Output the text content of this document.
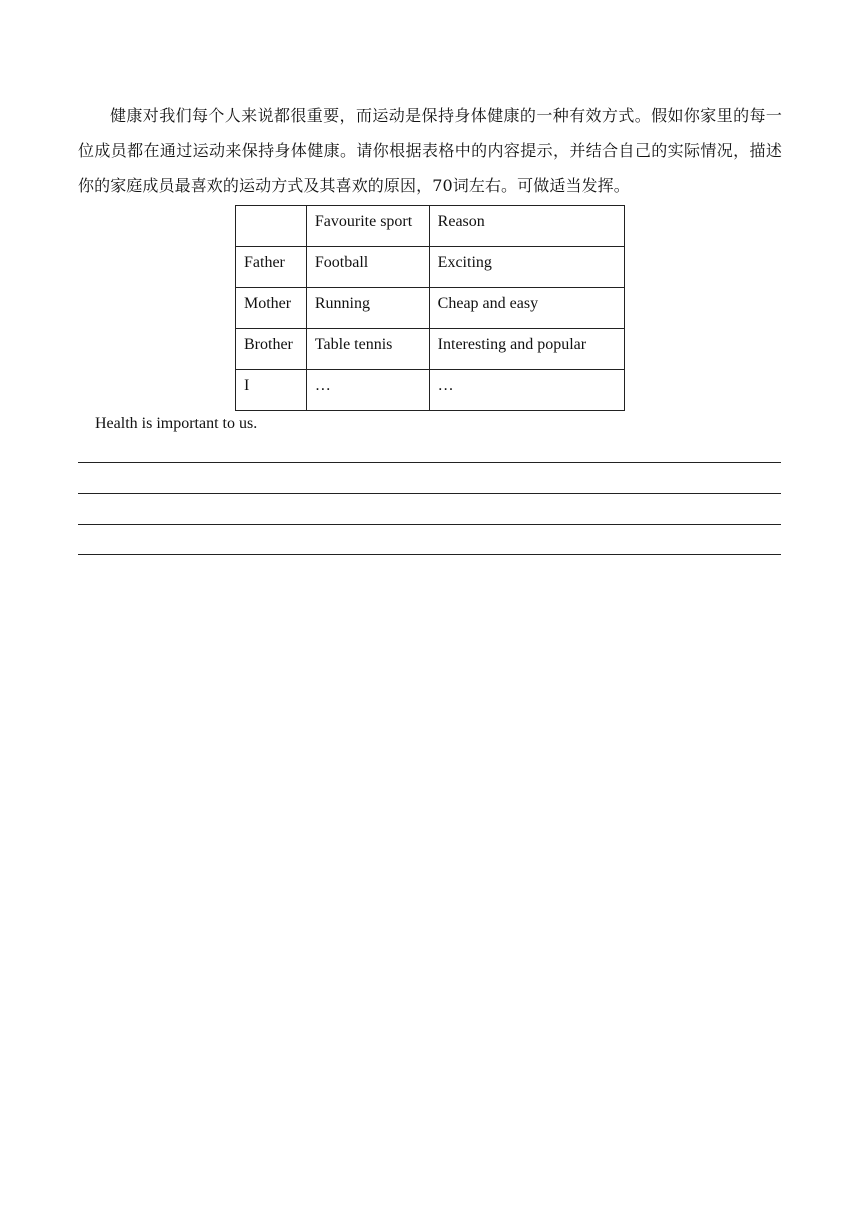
健康对我们每个人来说都很重要，而运动是保持身体健康的一种有效方式。假如你家里的每一位成员都在通过运动来保持身体健康。请你根据表格中的内容提示，并结合自己的实际情况，描述你的家庭成员最喜欢的运动方式及其喜欢的原因，70词左右。可做适当发挥。

	Favourite sport	Reason
Father	Football	Exciting
Mother	Running	Cheap and easy
Brother	Table tennis	Interesting and popular
I	…	…

Health is important to us.
